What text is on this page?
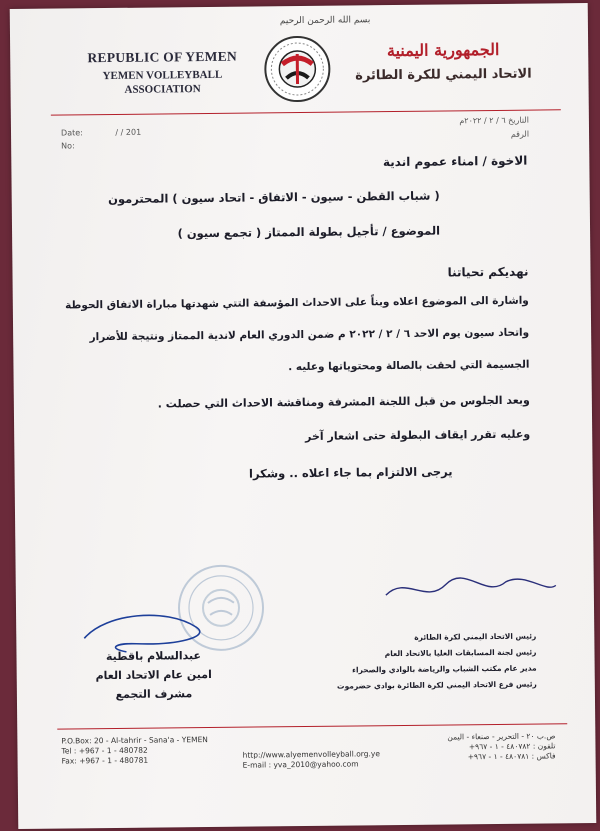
بسم الله الرحمن الرحيم
REPUBLIC OF YEMEN
YEMEN VOLLEYBALL
ASSOCIATION
الجمهورية اليمنية
الاتحاد اليمني للكرة الطائرة
Date:	/ / 201
No:
التاريخ ٦ / ٢ / ٢٠٢٢م
الرقم
الاخوة / امناء عموم اندية
( شباب القطن - سيون - الاتفاق - اتحاد سيون ) المحترمون
الموضوع / تأجيل بطولة الممتاز ( تجمع سيون )
نهديكم تحياتنا
واشارة الى الموضوع اعلاه وبناً على الاحداث المؤسفة التتي شهدتها مباراة الاتفاق الحوطة
واتحاد سيون يوم الاحد ٦ / ٢ / ٢٠٢٢ م ضمن الدوري العام لاندية الممتاز ونتيجة للأضرار
الجسيمة التي لحقت بالصالة ومحتوياتها وعليه .
وبعد الجلوس من قبل اللجنة المشرفة ومناقشة الاحداث التي حصلت .
وعليه تقرر ايقاف البطولة حتى اشعار آخر
يرجى الالتزام بما جاء اعلاه .. وشكرا
عبدالسلام باقطية
امين عام الاتحاد العام
مشرف التجمع
رئيس الاتحاد اليمني لكرة الطائرة
رئيس لجنة المسابقات العليا بالاتحاد العام
مدير عام مكتب الشباب والرياضة بالوادي والصحراء
رئيس فرع الاتحاد اليمني لكرة الطائرة بوادي حضرموت
P.O.Box: 20 - Al-tahrir - Sana'a - YEMEN
Tel : +967 - 1 - 480782
Fax: +967 - 1 - 480781
http://www.alyemenvolleyball.org.ye
E-mail : yva_2010@yahoo.com
ص.ب ٢٠ - التحرير - صنعاء - اليمن
تلفون : ٤٨٠٧٨٢ - ١ - ٩٦٧+
فاكس : ٤٨٠٧٨١ - ١ - ٩٦٧+
